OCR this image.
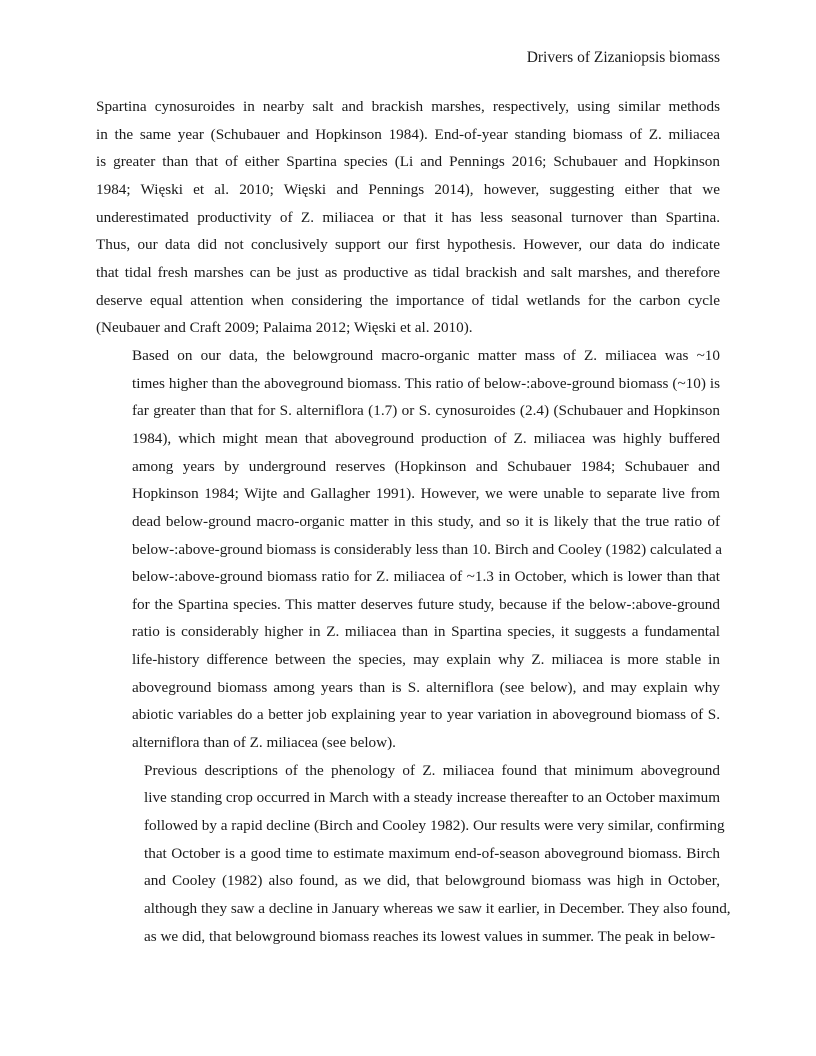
Drivers of Zizaniopsis biomass

Spartina cynosuroides in nearby salt and brackish marshes, respectively, using similar methods
in the same year (Schubauer and Hopkinson 1984). End-of-year standing biomass of Z. miliacea
is greater than that of either Spartina species (Li and Pennings 2016; Schubauer and Hopkinson
1984; Więski et al. 2010; Więski and Pennings 2014), however, suggesting either that we
underestimated productivity of Z. miliacea or that it has less seasonal turnover than Spartina.
Thus, our data did not conclusively support our first hypothesis. However, our data do indicate
that tidal fresh marshes can be just as productive as tidal brackish and salt marshes, and therefore
deserve equal attention when considering the importance of tidal wetlands for the carbon cycle
(Neubauer and Craft 2009; Palaima 2012; Więski et al. 2010).

Based on our data, the belowground macro-organic matter mass of Z. miliacea was ~10
times higher than the aboveground biomass. This ratio of below-:above-ground biomass (~10) is
far greater than that for S. alterniflora (1.7) or S. cynosuroides (2.4) (Schubauer and Hopkinson
1984), which might mean that aboveground production of Z. miliacea was highly buffered
among years by underground reserves (Hopkinson and Schubauer 1984; Schubauer and
Hopkinson 1984; Wijte and Gallagher 1991). However, we were unable to separate live from
dead below-ground macro-organic matter in this study, and so it is likely that the true ratio of
below-:above-ground biomass is considerably less than 10. Birch and Cooley (1982) calculated a
below-:above-ground biomass ratio for Z. miliacea of ~1.3 in October, which is lower than that
for the Spartina species. This matter deserves future study, because if the below-:above-ground
ratio is considerably higher in Z. miliacea than in Spartina species, it suggests a fundamental
life-history difference between the species, may explain why Z. miliacea is more stable in
aboveground biomass among years than is S. alterniflora (see below), and may explain why
abiotic variables do a better job explaining year to year variation in aboveground biomass of S.
alterniflora than of Z. miliacea (see below).

Previous descriptions of the phenology of Z. miliacea found that minimum aboveground
live standing crop occurred in March with a steady increase thereafter to an October maximum
followed by a rapid decline (Birch and Cooley 1982). Our results were very similar, confirming
that October is a good time to estimate maximum end-of-season aboveground biomass. Birch
and Cooley (1982) also found, as we did, that belowground biomass was high in October,
although they saw a decline in January whereas we saw it earlier, in December. They also found,
as we did, that belowground biomass reaches its lowest values in summer. The peak in below-
